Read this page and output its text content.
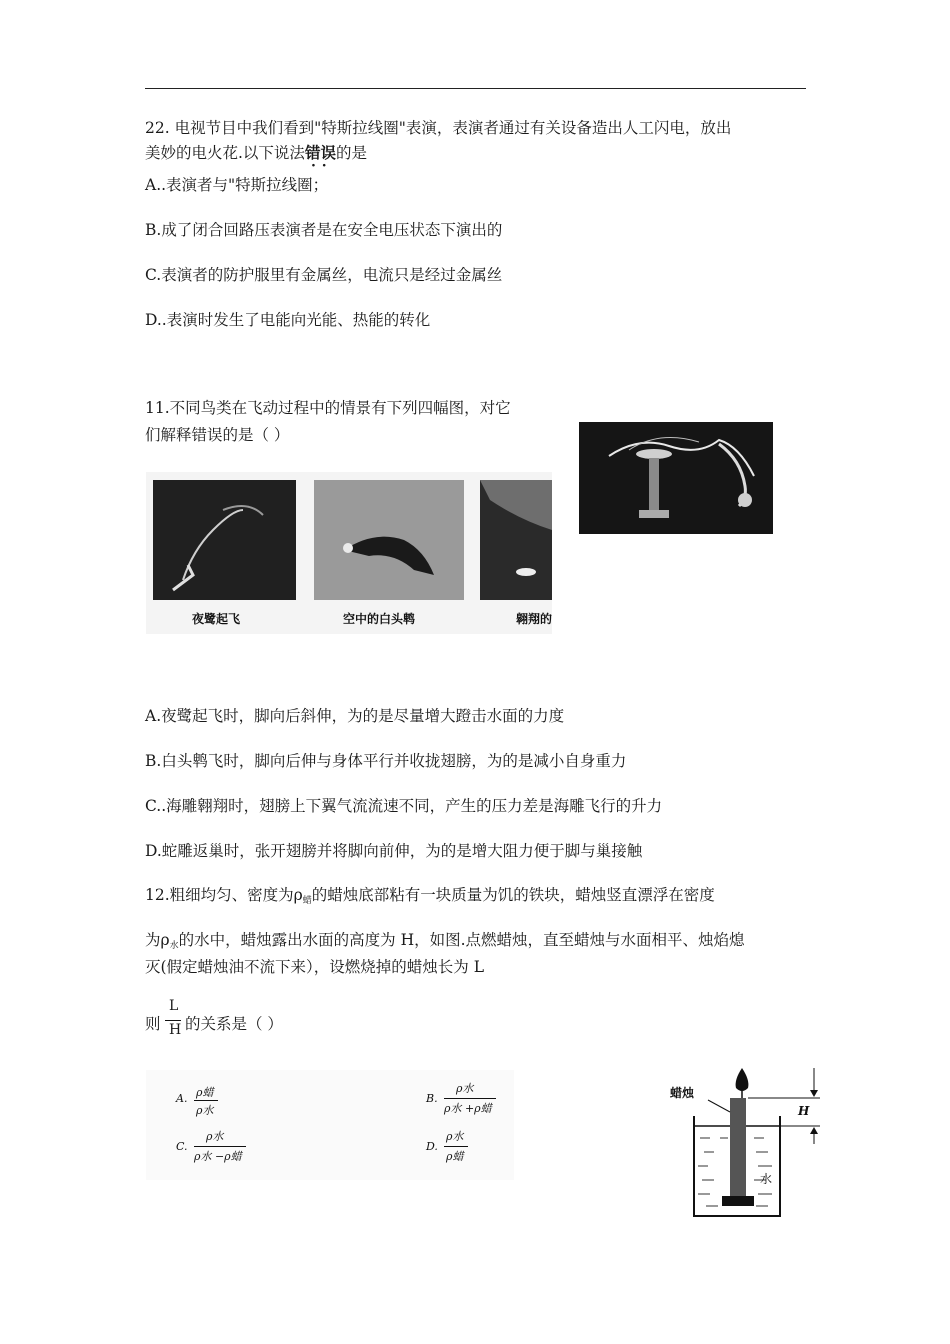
22. 电视节目中我们看到"特斯拉线圈"表演，表演者通过有关设备造出人工闪电，放出
美妙的电火花.以下说法错误 ··的是
A..表演者与"特斯拉线圈；
B.成了闭合回路压表演者是在安全电压状态下演出的
C.表演者的防护服里有金属丝，电流只是经过金属丝
D..表演时发生了电能向光能、热能的转化
11.不同鸟类在飞动过程中的情景有下列四幅图，对它
们解释错误的是（ ）
夜鹭起飞	空中的白头鹎	翱翔的
A.夜鹭起飞时，脚向后斜伸，为的是尽量增大蹬击水面的力度
B.白头鹎飞时，脚向后伸与身体平行并收拢翅膀，为的是减小自身重力
C..海雕翱翔时，翅膀上下翼气流流速不同，产生的压力差是海雕飞行的升力
D.蛇雕返巢时，张开翅膀并将脚向前伸，为的是增大阻力便于脚与巢接触
12.粗细均匀、密度为$\rho_蜡$的蜡烛底部粘有一块质量为饥的铁块，蜡烛竖直漂浮在密度
为$\rho_水$的水中，蜡烛露出水面的高度为 H，如图.点燃蜡烛，直至蜡烛与水面相平、烛焰熄
灭(假定蜡烛油不流下来），设燃烧掉的蜡烛长为 L
则
L
H 的关系是（ ）
A. ρ蜡
ρ水
B.
ρ水
ρ水 +ρ蜡
C.
ρ水
ρ水 −ρ蜡
D.
ρ水
ρ蜡
蜡烛
水
H
